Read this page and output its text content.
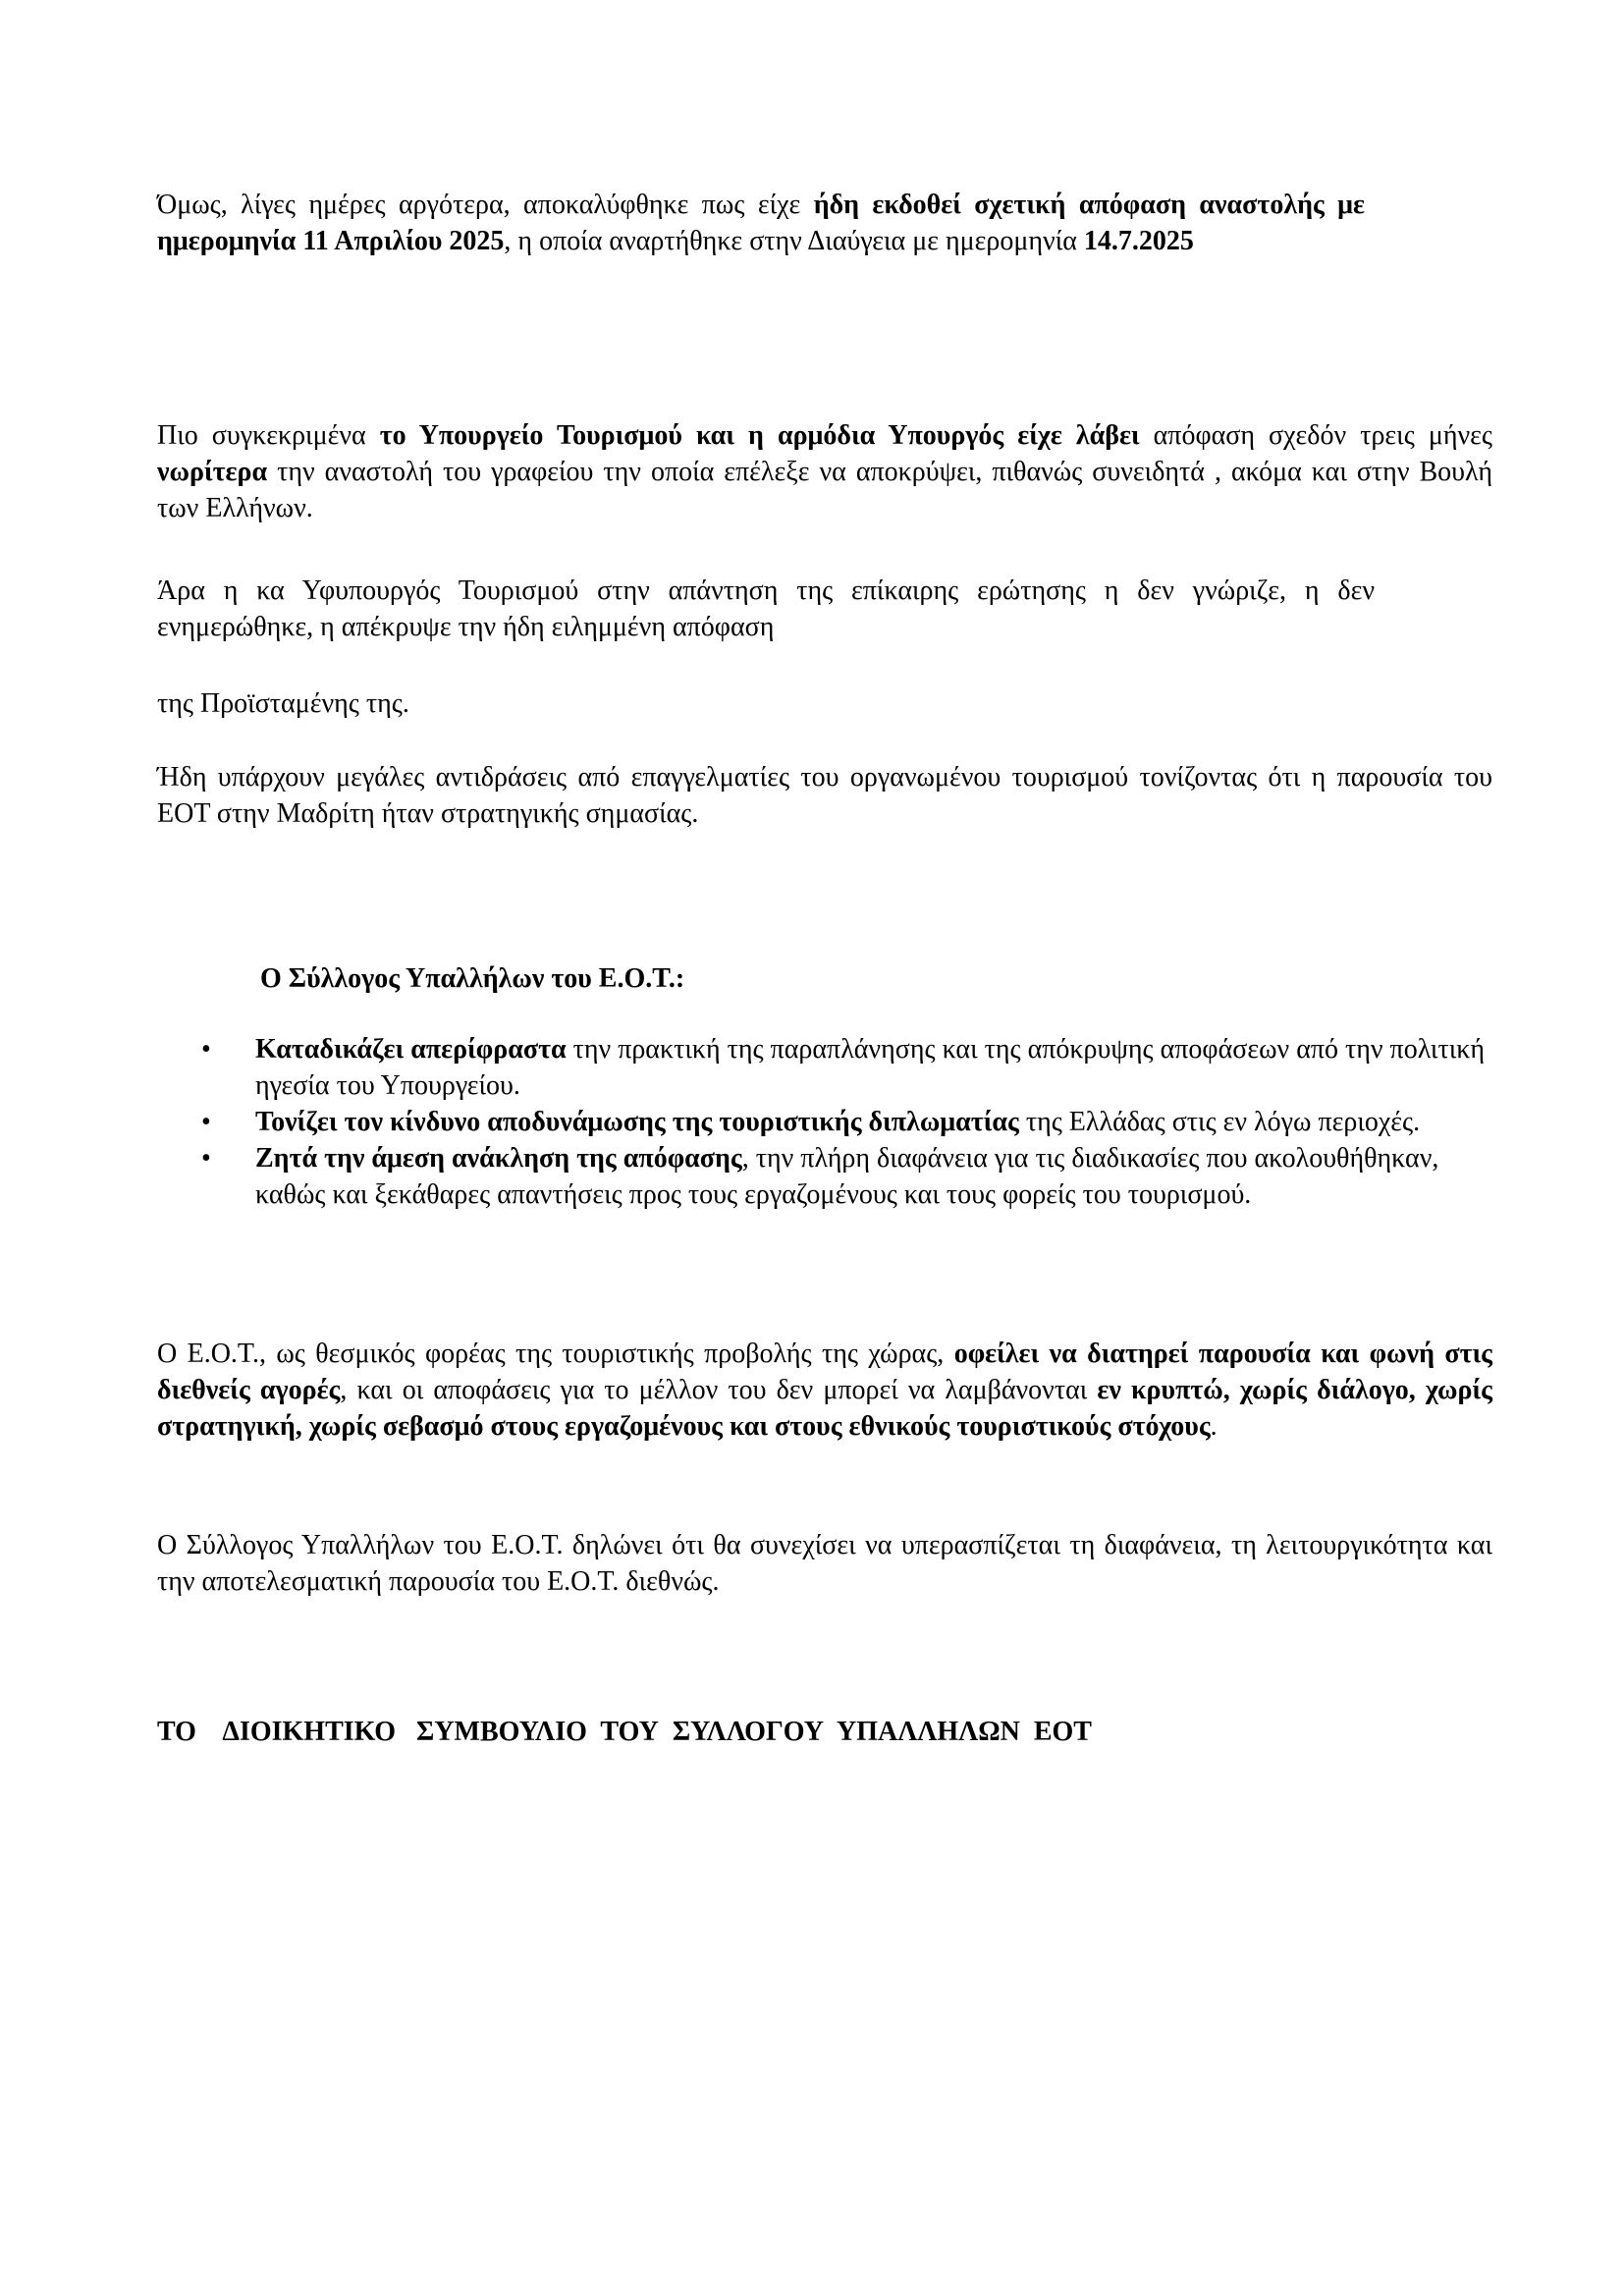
Όμως, λίγες ημέρες αργότερα, αποκαλύφθηκε πως είχε ήδη εκδοθεί σχετική απόφαση αναστολής με ημερομηνία 11 Απριλίου 2025, η οποία αναρτήθηκε στην Διαύγεια με ημερομηνία 14.7.2025

Πιο συγκεκριμένα το Υπουργείο Τουρισμού και η αρμόδια Υπουργός είχε λάβει απόφαση σχεδόν τρεις μήνες νωρίτερα την αναστολή του γραφείου την οποία επέλεξε να αποκρύψει, πιθανώς συνειδητά , ακόμα και στην Βουλή των Ελλήνων.

Άρα η κα Υφυπουργός Τουρισμού στην απάντηση της επίκαιρης ερώτησης η δεν γνώριζε, η δεν ενημερώθηκε, η απέκρυψε την ήδη ειλημμένη απόφαση

της Προϊσταμένης της.

Ήδη υπάρχουν μεγάλες αντιδράσεις από επαγγελματίες του οργανωμένου τουρισμού τονίζοντας ότι η παρουσία του ΕΟΤ στην Μαδρίτη ήταν στρατηγικής σημασίας.

Ο Σύλλογος Υπαλλήλων του Ε.Ο.Τ.:

• Καταδικάζει απερίφραστα την πρακτική της παραπλάνησης και της απόκρυψης αποφάσεων από την πολιτική ηγεσία του Υπουργείου.
• Τονίζει τον κίνδυνο αποδυνάμωσης της τουριστικής διπλωματίας της Ελλάδας στις εν λόγω περιοχές.
• Ζητά την άμεση ανάκληση της απόφασης, την πλήρη διαφάνεια για τις διαδικασίες που ακολουθήθηκαν, καθώς και ξεκάθαρες απαντήσεις προς τους εργαζομένους και τους φορείς του τουρισμού.

Ο Ε.Ο.Τ., ως θεσμικός φορέας της τουριστικής προβολής της χώρας, οφείλει να διατηρεί παρουσία και φωνή στις διεθνείς αγορές, και οι αποφάσεις για το μέλλον του δεν μπορεί να λαμβάνονται εν κρυπτώ, χωρίς διάλογο, χωρίς στρατηγική, χωρίς σεβασμό στους εργαζομένους και στους εθνικούς τουριστικούς στόχους.

Ο Σύλλογος Υπαλλήλων του Ε.Ο.Τ. δηλώνει ότι θα συνεχίσει να υπερασπίζεται τη διαφάνεια, τη λειτουργικότητα και την αποτελεσματική παρουσία του Ε.Ο.Τ. διεθνώς.

ΤΟ    ΔΙΟΙΚΗΤΙΚΟ   ΣΥΜΒΟΥΛΙΟ  ΤΟΥ  ΣΥΛΛΟΓΟΥ  ΥΠΑΛΛΗΛΩΝ  ΕΟΤ
